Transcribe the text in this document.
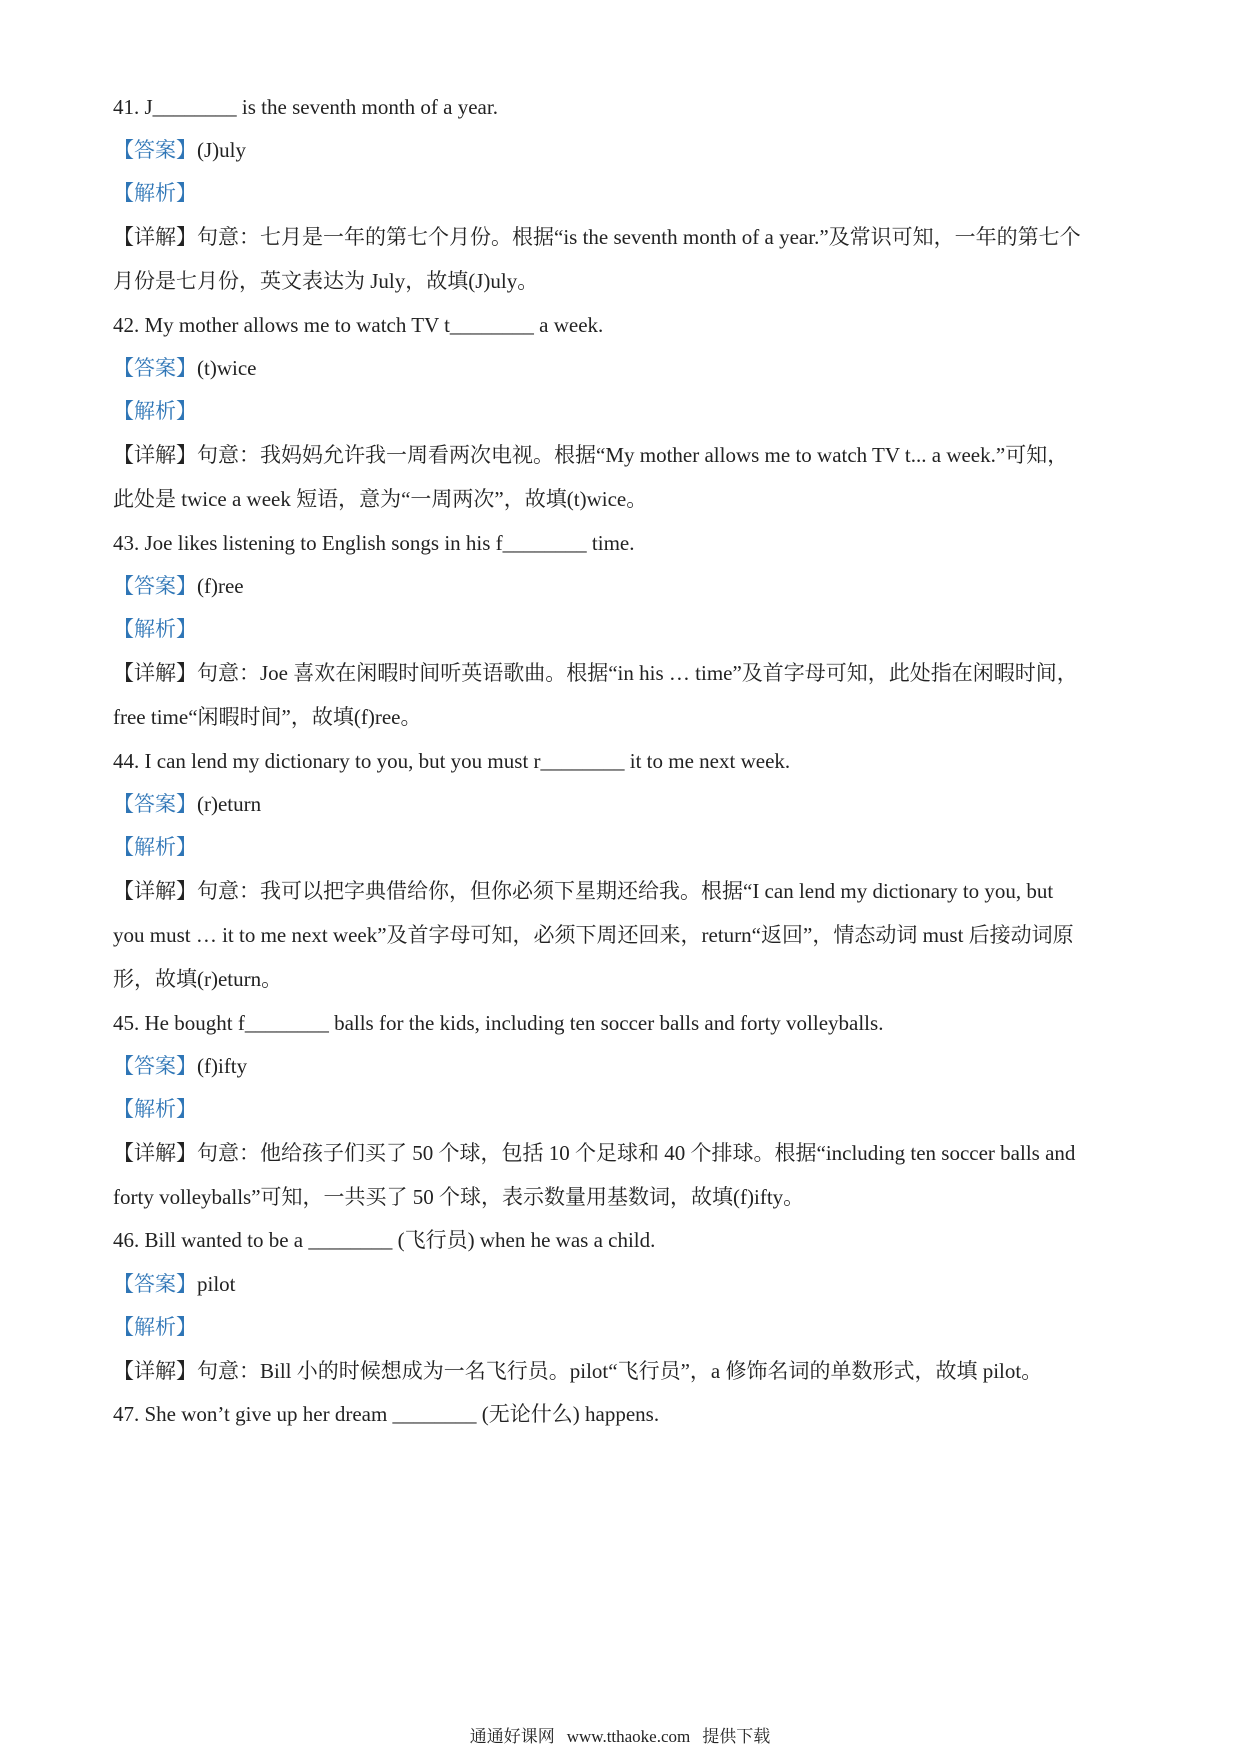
41. J________ is the seventh month of a year.
【答案】(J)uly
【解析】
【详解】句意：七月是一年的第七个月份。根据“is the seventh month of a year.”及常识可知，一年的第七个
月份是七月份，英文表达为 July，故填(J)uly。
42. My mother allows me to watch TV t________ a week.
【答案】(t)wice
【解析】
【详解】句意：我妈妈允许我一周看两次电视。根据“My mother allows me to watch TV t... a week.”可知，
此处是 twice a week 短语，意为“一周两次”，故填(t)wice。
43. Joe likes listening to English songs in his f________ time.
【答案】(f)ree
【解析】
【详解】句意：Joe 喜欢在闲暇时间听英语歌曲。根据“in his … time”及首字母可知，此处指在闲暇时间，
free time“闲暇时间”，故填(f)ree。
44. I can lend my dictionary to you, but you must r________ it to me next week.
【答案】(r)eturn
【解析】
【详解】句意：我可以把字典借给你，但你必须下星期还给我。根据“I can lend my dictionary to you, but
you must … it to me next week”及首字母可知，必须下周还回来，return“返回”，情态动词 must 后接动词原
形，故填(r)eturn。
45. He bought f________ balls for the kids, including ten soccer balls and forty volleyballs.
【答案】(f)ifty
【解析】
【详解】句意：他给孩子们买了 50 个球，包括 10 个足球和 40 个排球。根据“including ten soccer balls and
forty volleyballs”可知，一共买了 50 个球，表示数量用基数词，故填(f)ifty。
46. Bill wanted to be a ________ (飞行员) when he was a child.
【答案】pilot
【解析】
【详解】句意：Bill 小的时候想成为一名飞行员。pilot“飞行员”，a 修饰名词的单数形式，故填 pilot。
47. She won’t give up her dream ________ (无论什么) happens.
通通好课网 www.tthaoke.com 提供下载
